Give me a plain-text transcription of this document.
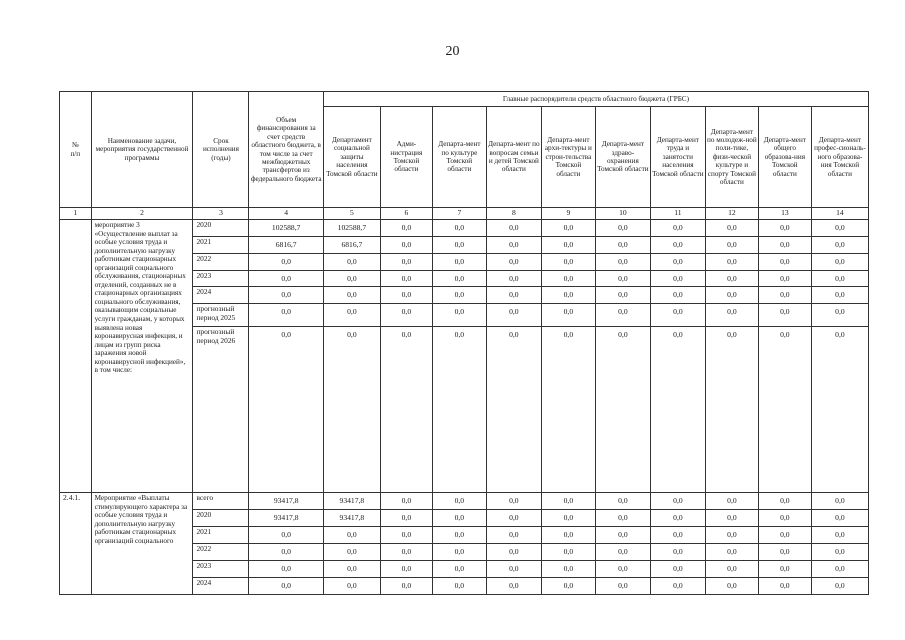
20
№
п/п	Наименование задачи, мероприятия государственной программы	Срок исполнения (годы)	Объем финансирования за счет средств областного бюджета, в том числе за счет межбюджетных трансфертов из федерального бюджета	Главные распорядители средств областного бюджета (ГРБС)									
				Департамент социальной защиты населения Томской области	Адми-нистрация Томской области	Департа-мент по культуре Томской области	Департа-мент по вопросам семьи и детей Томской области	Департа-мент архи-тектуры и строи-тельства Томской области	Департа-мент здраво-охранения Томской области	Департа-мент труда и занятости населения Томской области	Департа-мент по молодеж-ной поли-тике, физи-ческой культуре и спорту Томской области	Департа-мент общего образова-ния Томской области	Департа-мент профес-сиональ-ного образова-ния Томской области
1	2	3	4	5	6	7	8	9	10	11	12	13	14
	мероприятие 3 «Осуществление выплат за особые условия труда и дополнительную нагрузку работникам стационарных организаций социального обслуживания, стационарных отделений, созданных не в стационарных организациях социального обслуживания, оказывающим социальные услуги гражданам, у которых выявлена новая коронавирусная инфекция, и лицам из групп риска заражения новой коронавирусной инфекцией», в том числе:	2020	102588,7	102588,7	0,0	0,0	0,0	0,0	0,0	0,0	0,0	0,0	0,0
		2021	6816,7	6816,7	0,0	0,0	0,0	0,0	0,0	0,0	0,0	0,0	0,0
		2022	0,0	0,0	0,0	0,0	0,0	0,0	0,0	0,0	0,0	0,0	0,0
		2023	0,0	0,0	0,0	0,0	0,0	0,0	0,0	0,0	0,0	0,0	0,0
		2024	0,0	0,0	0,0	0,0	0,0	0,0	0,0	0,0	0,0	0,0	0,0
		прогнозный период 2025	0,0	0,0	0,0	0,0	0,0	0,0	0,0	0,0	0,0	0,0	0,0
		прогнозный период 2026	0,0	0,0	0,0	0,0	0,0	0,0	0,0	0,0	0,0	0,0	0,0
2.4.1.	Мероприятие «Выплаты стимулирующего характера за особые условия труда и дополнительную нагрузку работникам стационарных организаций социального	всего	93417,8	93417,8	0,0	0,0	0,0	0,0	0,0	0,0	0,0	0,0	0,0
		2020	93417,8	93417,8	0,0	0,0	0,0	0,0	0,0	0,0	0,0	0,0	0,0
		2021	0,0	0,0	0,0	0,0	0,0	0,0	0,0	0,0	0,0	0,0	0,0
		2022	0,0	0,0	0,0	0,0	0,0	0,0	0,0	0,0	0,0	0,0	0,0
		2023	0,0	0,0	0,0	0,0	0,0	0,0	0,0	0,0	0,0	0,0	0,0
		2024	0,0	0,0	0,0	0,0	0,0	0,0	0,0	0,0	0,0	0,0	0,0
